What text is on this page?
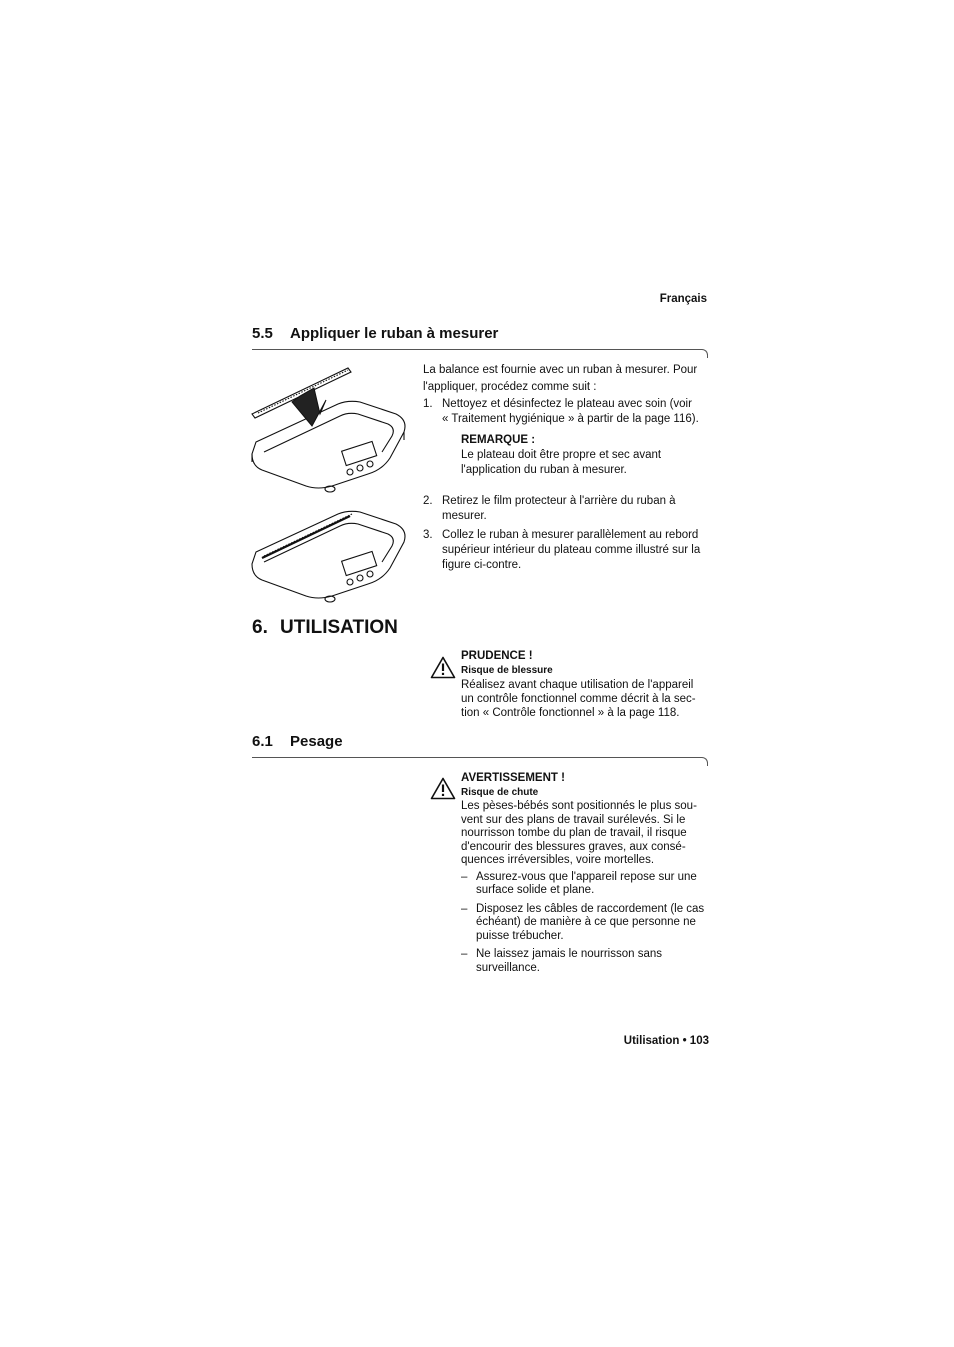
Français
5.5 Appliquer le ruban à mesurer
La balance est fournie avec un ruban à mesurer. Pour
l'appliquer, procédez comme suit :
1. Nettoyez et désinfectez le plateau avec soin (voir
« Traitement hygiénique » à partir de la page 116).
REMARQUE :
Le plateau doit être propre et sec avant
l'application du ruban à mesurer.
2. Retirez le film protecteur à l'arrière du ruban à
mesurer.
3. Collez le ruban à mesurer parallèlement au rebord
supérieur intérieur du plateau comme illustré sur la
figure ci-contre.
6. UTILISATION
PRUDENCE !
Risque de blessure
Réalisez avant chaque utilisation de l'appareil
un contrôle fonctionnel comme décrit à la sec-
tion « Contrôle fonctionnel » à la page 118.
6.1 Pesage
AVERTISSEMENT !
Risque de chute
Les pèses-bébés sont positionnés le plus sou-
vent sur des plans de travail surélevés. Si le
nourrisson tombe du plan de travail, il risque
d'encourir des blessures graves, aux consé-
quences irréversibles, voire mortelles.
– Assurez-vous que l'appareil repose sur une
surface solide et plane.
– Disposez les câbles de raccordement (le cas
échéant) de manière à ce que personne ne
puisse trébucher.
– Ne laissez jamais le nourrisson sans
surveillance.
Utilisation • 103
